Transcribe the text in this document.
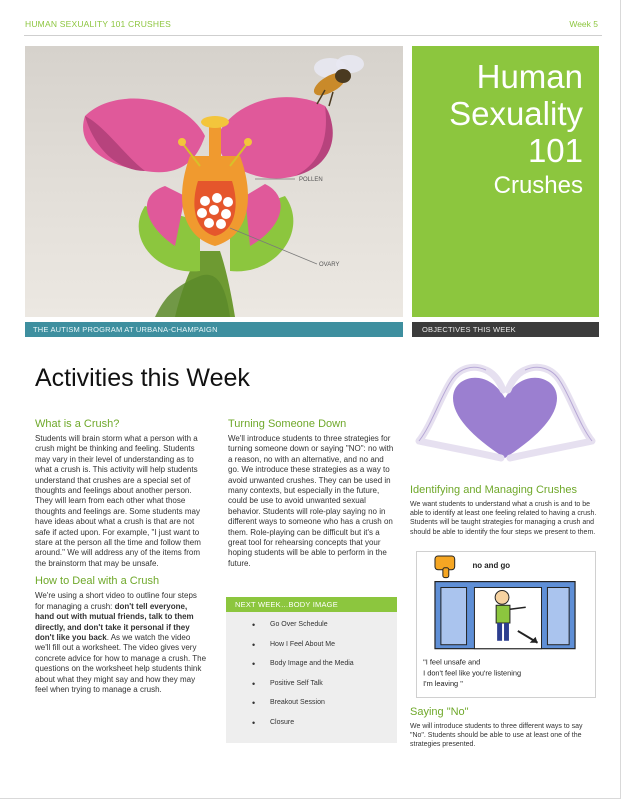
HUMAN SEXUALITY 101 CRUSHES	Week 5
POLLEN
OVARY
Human
Sexuality
101
Crushes
THE AUTISM PROGRAM AT URBANA-CHAMPAIGN	OBJECTIVES THIS WEEK
Activities this Week
What is a Crush?

Students will brain storm what a person with a crush might be thinking and feeling. Students may vary in their level of understanding as to what a crush is. This activity will help students understand that crushes are a special set of thoughts and feelings about another person. They will learn from each other what those thoughts and feelings are. Some students may have ideas about what a crush is that are not safe if acted upon. For example, "I just want to stare at the person all the time and follow them around." We will address any of the items from the brainstorm that may be unsafe.

How to Deal with a Crush

We're using a short video to outline four steps for managing a crush: don't tell everyone, hand out with mutual friends, talk to them directly, and don't take it personal if they don't like you back. As we watch the video we'll fill out a worksheet. The video gives very concrete advice for how to manage a crush. The questions on the worksheet help students think about what they might say and how they may feel when trying to manage a crush.

Turning Someone Down

We'll introduce students to three strategies for turning someone down or saying "NO": no with a reason, no with an alternative, and no and go. We introduce these strategies as a way to avoid unwanted crushes. They can be used in many contexts, but especially in the future, could be use to avoid unwanted sexual behavior. Students will role-play saying no in different ways to someone who has a crush on them. Role-playing can be difficult but it's a great tool for rehearsing concepts that your hoping students will be able to perform in the future.

NEXT WEEK…BODY IMAGE
• Go Over Schedule
• How I Feel About Me
• Body Image and the Media
• Positive Self Talk
• Breakout Session
• Closure
Identifying and Managing Crushes

We want students to understand what a crush is and to be able to identify at least one feeling related to having a crush. Students will be taught strategies for managing a crush and should be able to identify the four steps we present to them.

no and go
"I feel unsafe and
I don't feel like you're listening
I'm leaving "
Saying "No"

We will introduce students to three different ways to say "No". Students should be able to use at least one of the strategies presented.
